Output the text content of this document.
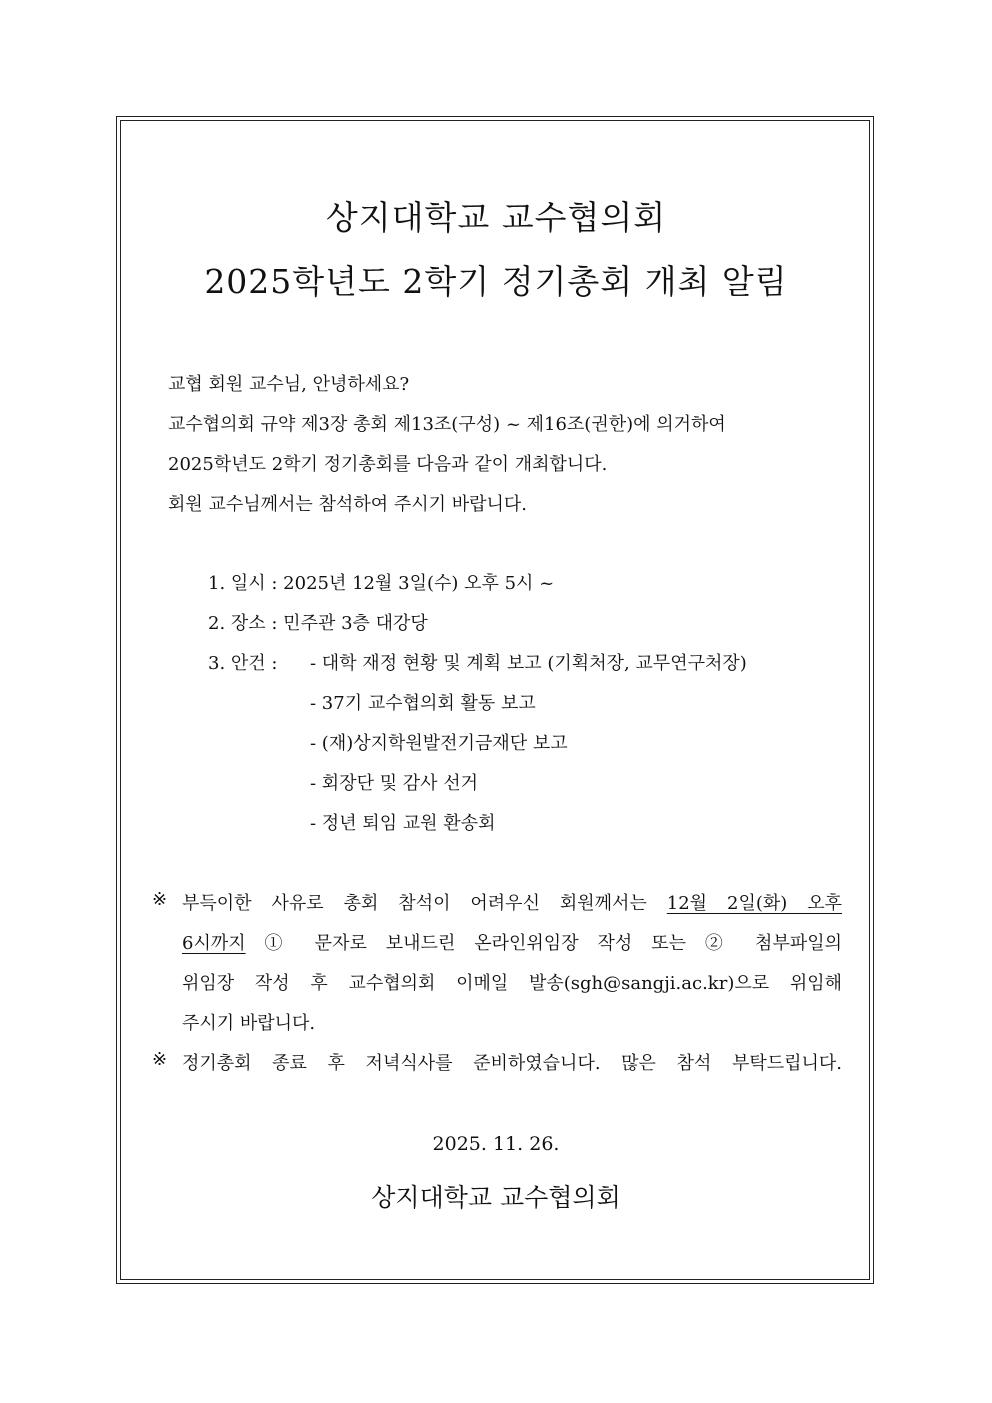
상지대학교 교수협의회
2025학년도 2학기 정기총회 개최 알림

교협 회원 교수님, 안녕하세요?

교수협의회 규약 제3장 총회 제13조(구성) ~ 제16조(권한)에 의거하여

2025학년도 2학기 정기총회를 다음과 같이 개최합니다.

회원 교수님께서는 참석하여 주시기 바랍니다.

1. 일시 : 2025년 12월 3일(수) 오후 5시 ~

2. 장소 : 민주관 3층 대강당

3. 안건 : - 대학 재정 현황 및 계획 보고 (기획처장, 교무연구처장)

- 37기 교수협의회 활동 보고

- (재)상지학원발전기금재단 보고

- 회장단 및 감사 선거

- 정년 퇴임 교원 환송회

※ 부득이한 사유로 총회 참석이 어려우신 회원께서는 12월 2일(화) 오후

6시까지 ① 문자로 보내드린 온라인위임장 작성 또는 ② 첨부파일의

위임장 작성 후 교수협의회 이메일 발송(sgh@sangji.ac.kr)으로 위임해

주시기 바랍니다.

※ 정기총회 종료 후 저녁식사를 준비하였습니다. 많은 참석 부탁드립니다.

2025. 11. 26.

상지대학교 교수협의회
